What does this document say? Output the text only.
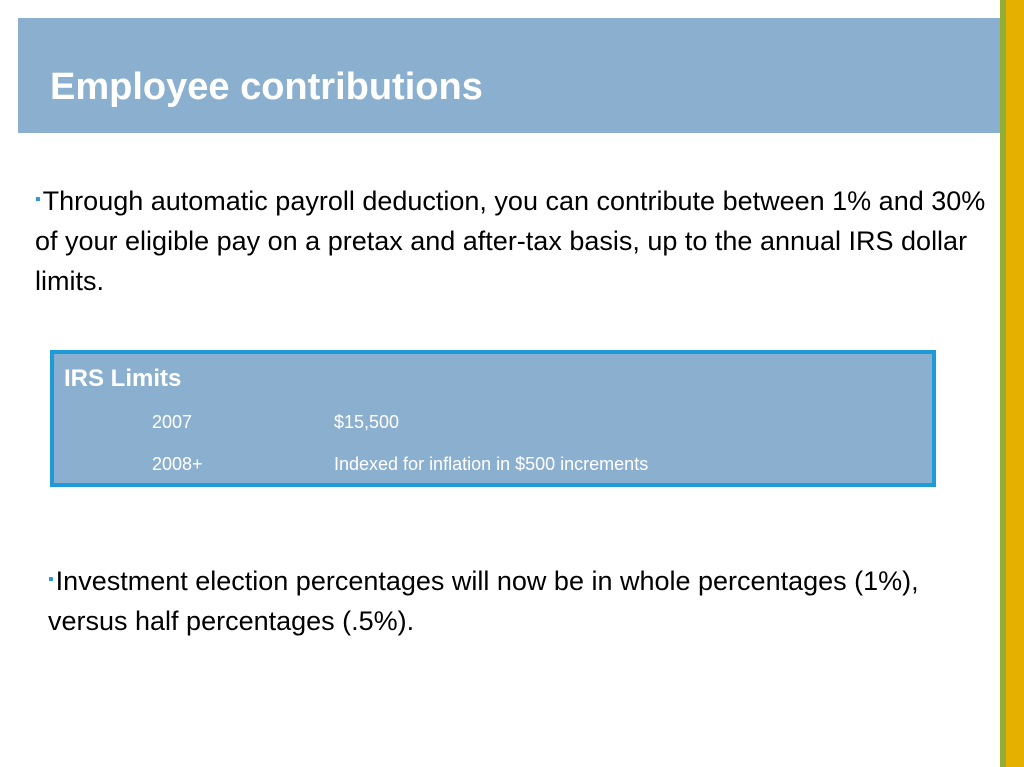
Employee contributions
▪Through automatic payroll deduction, you can contribute between 1% and 30% of your eligible pay on a pretax and after-tax basis, up to the annual IRS dollar limits.
IRS Limits
2007	$15,500
2008+	Indexed for inflation in $500 increments
▪Investment election percentages will now be in whole percentages (1%), versus half percentages (.5%).
